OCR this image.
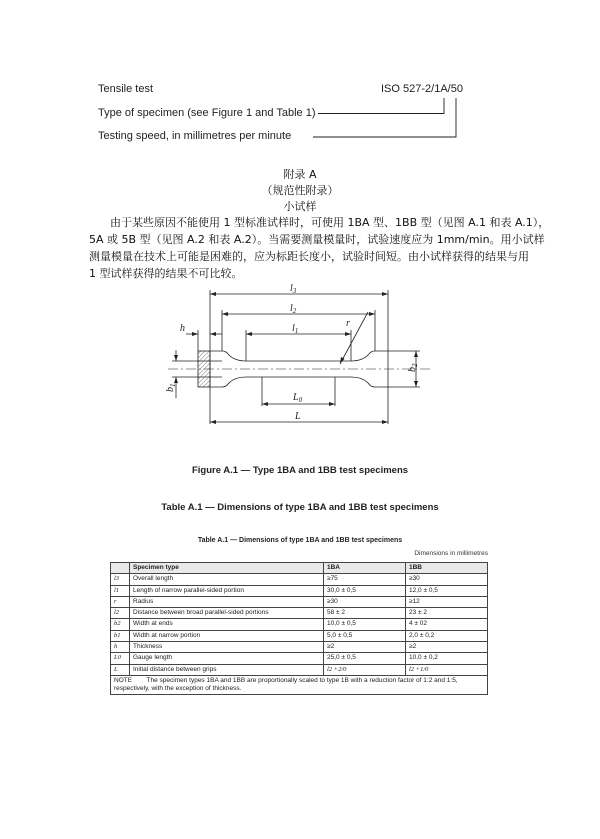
Tensile test
Type of specimen (see Figure 1 and Table 1)
Testing speed, in millimetres per minute
ISO 527-2/1A/50
附录 A
（规范性附录）
小试样
由于某些原因不能使用 1 型标准试样时，可使用 1BA 型、1BB 型（见图 A.1 和表 A.1），
5A 或 5B 型（见图 A.2 和表 A.2）。当需要测量模量时，试验速度应为 1mm/min。用小试样
测量模量在技术上可能是困难的，应为标距长度小，试验时间短。由小试样获得的结果与用
1 型试样获得的结果不可比较。
$l_3$
$l_2$
$l_1$
r
h
$b_2$
$b_1$
$L_0$
L
Figure A.1 — Type 1BA and 1BB test specimens
Table A.1 — Dimensions of type 1BA and 1BB test specimens
Table A.1 — Dimensions of type 1BA and 1BB test specimens
Dimensions in millimetres
	Specimen type	1BA	1BB
l3	Overall length	≥75	≥30
l1	Length of narrow parallel-sided portion	30,0 ± 0,5	12,0 ± 0,5
r	Radius	≥30	≥12
l2	Distance between broad parallel-sided portions	58 ± 2	23 ± 2
b2	Width at ends	10,0 ± 0,5	4 ± 02
b1	Width at narrow portion	5,0 ± 0,5	2,0 ± 0,2
h	Thickness	≥2	≥2
L0	Gauge length	25,0 ± 0,5	10,0 ± 0,2
L	Initial distance between grips	l2 +2/0	l2 +1/0
NOTE The specimen types 1BA and 1BB are proportionally scaled to type 1B with a reduction factor of 1:2 and 1:5, respectively, with the exception of thickness.			
